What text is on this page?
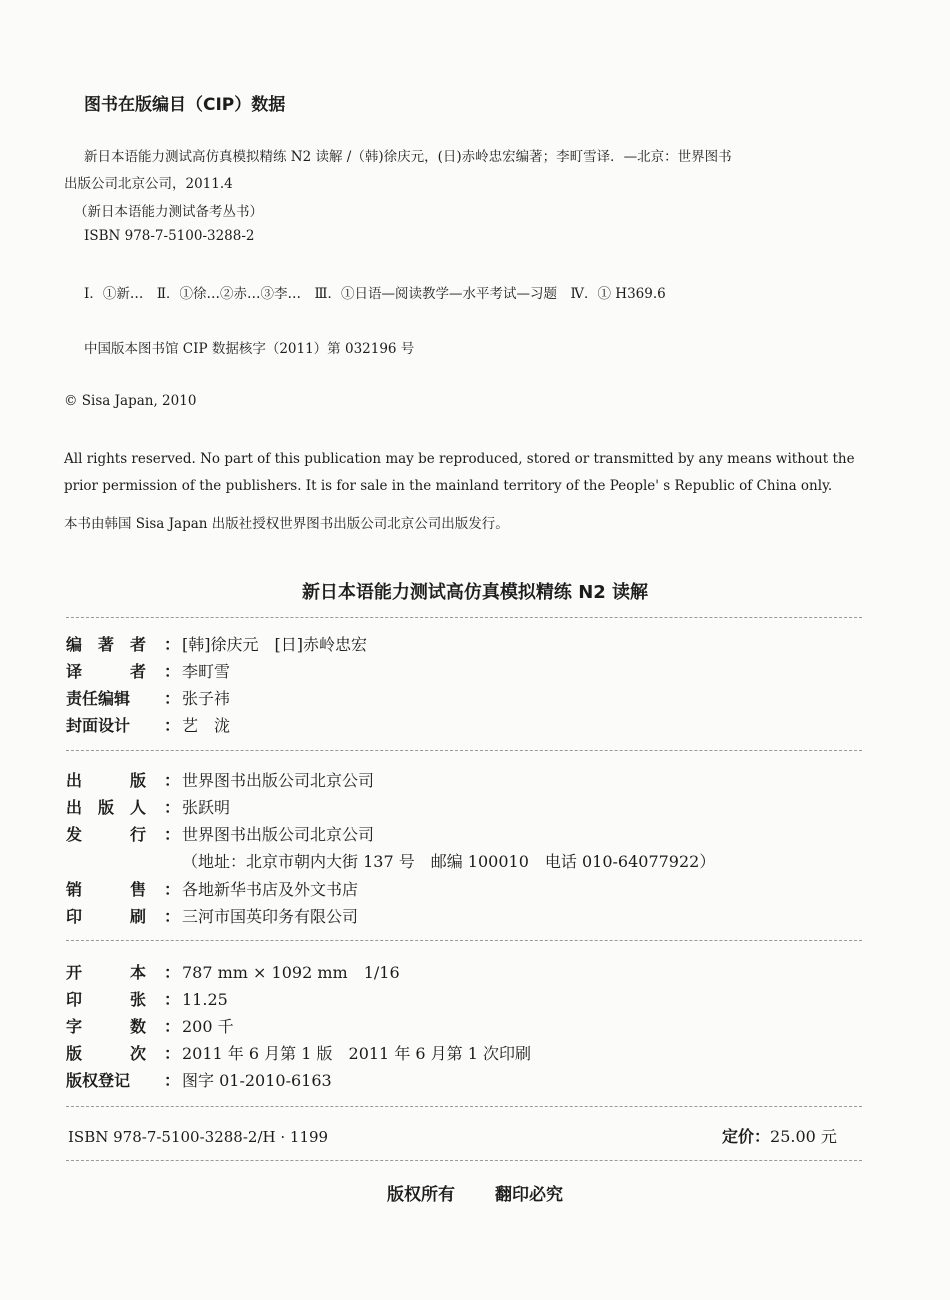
图书在版编目（CIP）数据
新日本语能力测试高仿真模拟精练 N2 读解 /（韩)徐庆元，(日)赤岭忠宏编著；李町雪译．—北京：世界图书
出版公司北京公司，2011.4
（新日本语能力测试备考丛书）
ISBN 978-7-5100-3288-2
Ⅰ．①新…　Ⅱ．①徐…②赤…③李…　Ⅲ．①日语—阅读教学—水平考试—习题　Ⅳ．① H369.6
中国版本图书馆 CIP 数据核字（2011）第 032196 号
© Sisa Japan, 2010
All rights reserved. No part of this publication may be reproduced, stored or transmitted by any means without the prior permission of the publishers. It is for sale in the mainland territory of the People' s Republic of China only.
本书由韩国 Sisa Japan 出版社授权世界图书出版公司北京公司出版发行。
新日本语能力测试高仿真模拟精练 N2 读解
编　著　者 ： [韩]徐庆元　[日]赤岭忠宏
译　　　者 ： 李町雪
责任编辑 ： 张子祎
封面设计 ： 艺　泷
出　　　版 ： 世界图书出版公司北京公司
出　版　人 ： 张跃明
发　　　行 ： 世界图书出版公司北京公司
（地址：北京市朝内大街 137 号　邮编 100010　电话 010-64077922）
销　　　售 ： 各地新华书店及外文书店
印　　　刷 ： 三河市国英印务有限公司
开　　　本 ： 787 mm × 1092 mm　1/16
印　　　张 ： 11.25
字　　　数 ： 200 千
版　　　次 ： 2011 年 6 月第 1 版　2011 年 6 月第 1 次印刷
版权登记 ： 图字 01-2010-6163
ISBN 978-7-5100-3288-2/H · 1199	定价：25.00 元
版权所有 翻印必究
